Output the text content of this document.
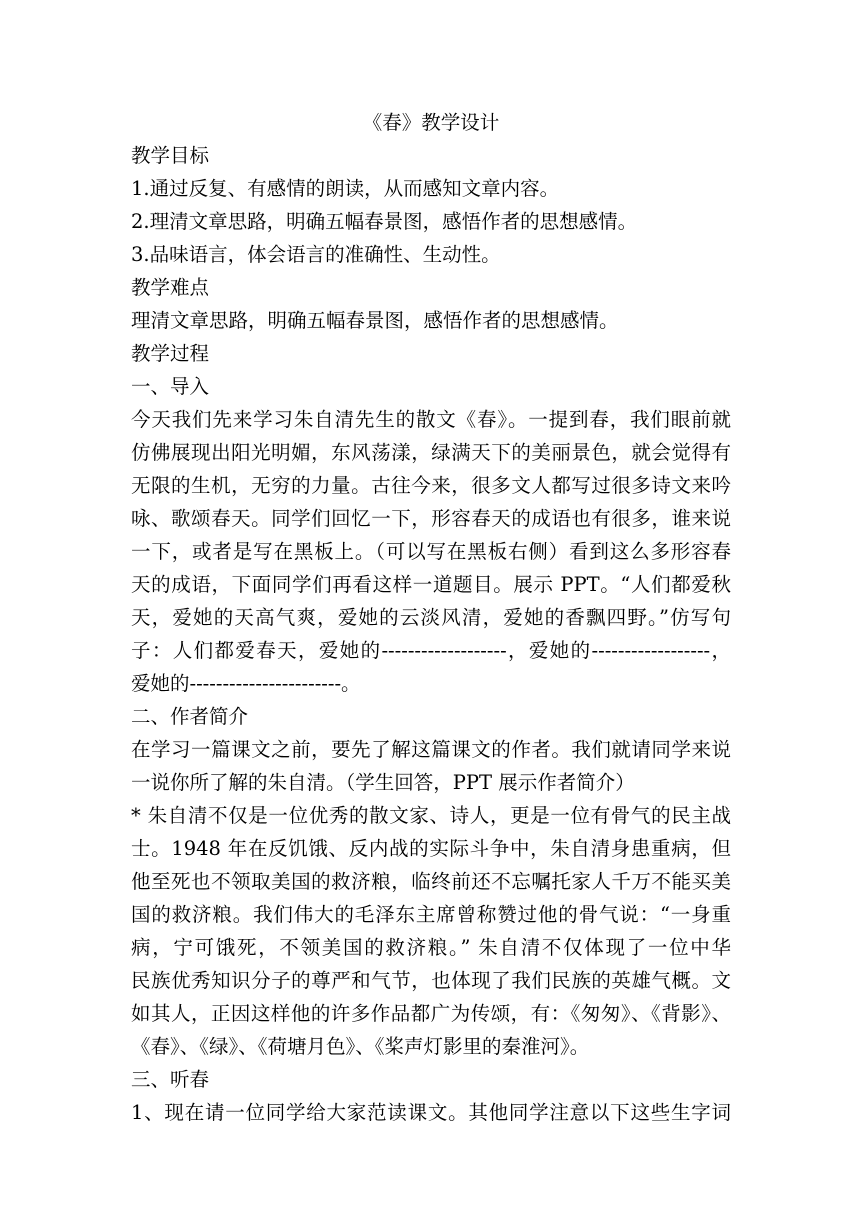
《春》教学设计
教学目标
1.通过反复、有感情的朗读，从而感知文章内容。
2.理清文章思路，明确五幅春景图，感悟作者的思想感情。
3.品味语言，体会语言的准确性、生动性。
教学难点
理清文章思路，明确五幅春景图，感悟作者的思想感情。
教学过程
一、导入
今天我们先来学习朱自清先生的散文《春》。一提到春，我们眼前就
仿佛展现出阳光明媚，东风荡漾，绿满天下的美丽景色，就会觉得有
无限的生机，无穷的力量。古往今来，很多文人都写过很多诗文来吟
咏、歌颂春天。同学们回忆一下，形容春天的成语也有很多，谁来说
一下，或者是写在黑板上。（可以写在黑板右侧）看到这么多形容春
天的成语，下面同学们再看这样一道题目。展示 PPT。“人们都爱秋
天，爱她的天高气爽，爱她的云淡风清，爱她的香飘四野。”仿写句
子：人们都爱春天，爱她的-------------------，爱她的------------------，
爱她的-----------------------。
二、作者简介
在学习一篇课文之前，要先了解这篇课文的作者。我们就请同学来说
一说你所了解的朱自清。（学生回答，PPT 展示作者简介）
* 朱自清不仅是一位优秀的散文家、诗人，更是一位有骨气的民主战
士。1948 年在反饥饿、反内战的实际斗争中，朱自清身患重病，但
他至死也不领取美国的救济粮，临终前还不忘嘱托家人千万不能买美
国的救济粮。我们伟大的毛泽东主席曾称赞过他的骨气说：“一身重
病，宁可饿死，不领美国的救济粮。” 朱自清不仅体现了一位中华
民族优秀知识分子的尊严和气节，也体现了我们民族的英雄气概。文
如其人，正因这样他的许多作品都广为传颂，有：《匆匆》、《背影》、
《春》、《绿》、《荷塘月色》、《桨声灯影里的秦淮河》。
三、听春
1、现在请一位同学给大家范读课文。其他同学注意以下这些生字词
